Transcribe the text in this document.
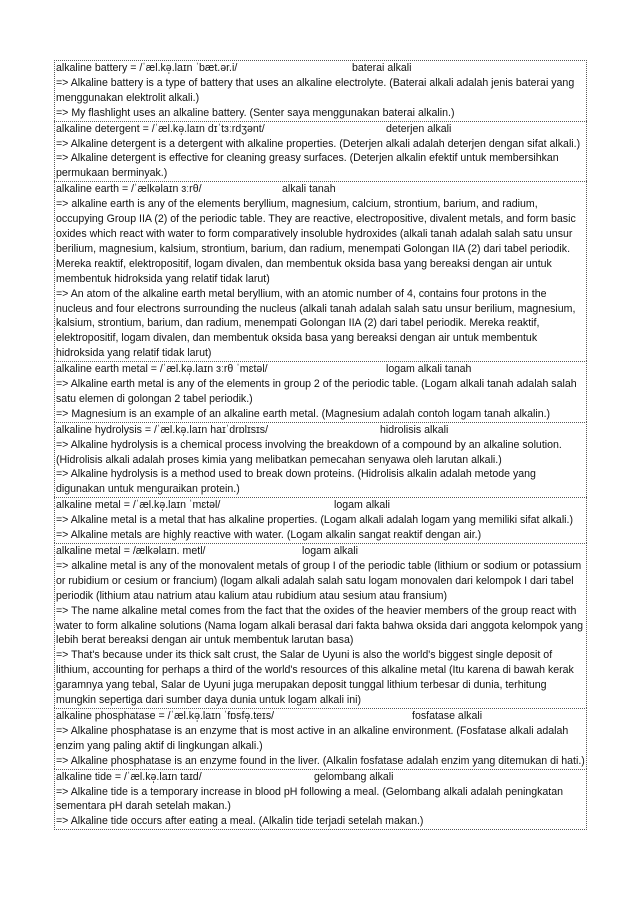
alkaline battery = /ˈæl.kə̩.laɪn ˈbæt.ər.i/	baterai alkali

=> Alkaline battery is a type of battery that uses an alkaline electrolyte. (Baterai alkali adalah jenis baterai yang menggunakan elektrolit alkali.)

=> My flashlight uses an alkaline battery. (Senter saya menggunakan baterai alkalin.)

alkaline detergent = /ˈæl.kə̩.laɪn dɪˈtɜːrdʒənt/	deterjen alkali

=> Alkaline detergent is a detergent with alkaline properties. (Deterjen alkali adalah deterjen dengan sifat alkali.)

=> Alkaline detergent is effective for cleaning greasy surfaces. (Deterjen alkalin efektif untuk membersihkan permukaan berminyak.)

alkaline earth = /ˈælkəlaɪn ɜːrθ/	alkali tanah

=> alkaline earth is any of the elements beryllium, magnesium, calcium, strontium, barium, and radium, occupying Group IIA (2) of the periodic table. They are reactive, electropositive, divalent metals, and form basic oxides which react with water to form comparatively insoluble hydroxides (alkali tanah adalah salah satu unsur berilium, magnesium, kalsium, strontium, barium, dan radium, menempati Golongan IIA (2) dari tabel periodik. Mereka reaktif, elektropositif, logam divalen, dan membentuk oksida basa yang bereaksi dengan air untuk membentuk hidroksida yang relatif tidak larut)

=> An atom of the alkaline earth metal beryllium, with an atomic number of 4, contains four protons in the nucleus and four electrons surrounding the nucleus (alkali tanah adalah salah satu unsur berilium, magnesium, kalsium, strontium, barium, dan radium, menempati Golongan IIA (2) dari tabel periodik. Mereka reaktif, elektropositif, logam divalen, dan membentuk oksida basa yang bereaksi dengan air untuk membentuk hidroksida yang relatif tidak larut)

alkaline earth metal = /ˈæl.kə̩.laɪn ɜːrθ ˈmɛtəl/	logam alkali tanah

=> Alkaline earth metal is any of the elements in group 2 of the periodic table. (Logam alkali tanah adalah salah satu elemen di golongan 2 tabel periodik.)

=> Magnesium is an example of an alkaline earth metal. (Magnesium adalah contoh logam tanah alkalin.)

alkaline hydrolysis = /ˈæl.kə̩.laɪn haɪˈdrɒlɪsɪs/	hidrolisis alkali

=> Alkaline hydrolysis is a chemical process involving the breakdown of a compound by an alkaline solution. (Hidrolisis alkali adalah proses kimia yang melibatkan pemecahan senyawa oleh larutan alkali.)

=> Alkaline hydrolysis is a method used to break down proteins. (Hidrolisis alkalin adalah metode yang digunakan untuk menguraikan protein.)

alkaline metal = /ˈæl.kə̩.laɪn ˈmɛtəl/	logam alkali

=> Alkaline metal is a metal that has alkaline properties. (Logam alkali adalah logam yang memiliki sifat alkali.)

=> Alkaline metals are highly reactive with water. (Logam alkalin sangat reaktif dengan air.)

alkaline metal = /ælkəlaɪn. metl/	logam alkali

=> alkaline metal is any of the monovalent metals of group I of the periodic table (lithium or sodium or potassium or rubidium or cesium or francium) (logam alkali adalah salah satu logam monovalen dari kelompok I dari tabel periodik (lithium atau natrium atau kalium atau rubidium atau sesium atau fransium)

=> The name alkaline metal comes from the fact that the oxides of the heavier members of the group react with water to form alkaline solutions (Nama logam alkali berasal dari fakta bahwa oksida dari anggota kelompok yang lebih berat bereaksi dengan air untuk membentuk larutan basa)

=> That's because under its thick salt crust, the Salar de Uyuni is also the world's biggest single deposit of lithium, accounting for perhaps a third of the world's resources of this alkaline metal (Itu karena di bawah kerak garamnya yang tebal, Salar de Uyuni juga merupakan deposit tunggal lithium terbesar di dunia, terhitung mungkin sepertiga dari sumber daya dunia untuk logam alkali ini)

alkaline phosphatase = /ˈæl.kə̩.laɪn ˈfɒsfə̩.teɪs/	fosfatase alkali

=> Alkaline phosphatase is an enzyme that is most active in an alkaline environment. (Fosfatase alkali adalah enzim yang paling aktif di lingkungan alkali.)

=> Alkaline phosphatase is an enzyme found in the liver. (Alkalin fosfatase adalah enzim yang ditemukan di hati.)

alkaline tide = /ˈæl.kə̩.laɪn taɪd/	gelombang alkali

=> Alkaline tide is a temporary increase in blood pH following a meal. (Gelombang alkali adalah peningkatan sementara pH darah setelah makan.)

=> Alkaline tide occurs after eating a meal. (Alkalin tide terjadi setelah makan.)
